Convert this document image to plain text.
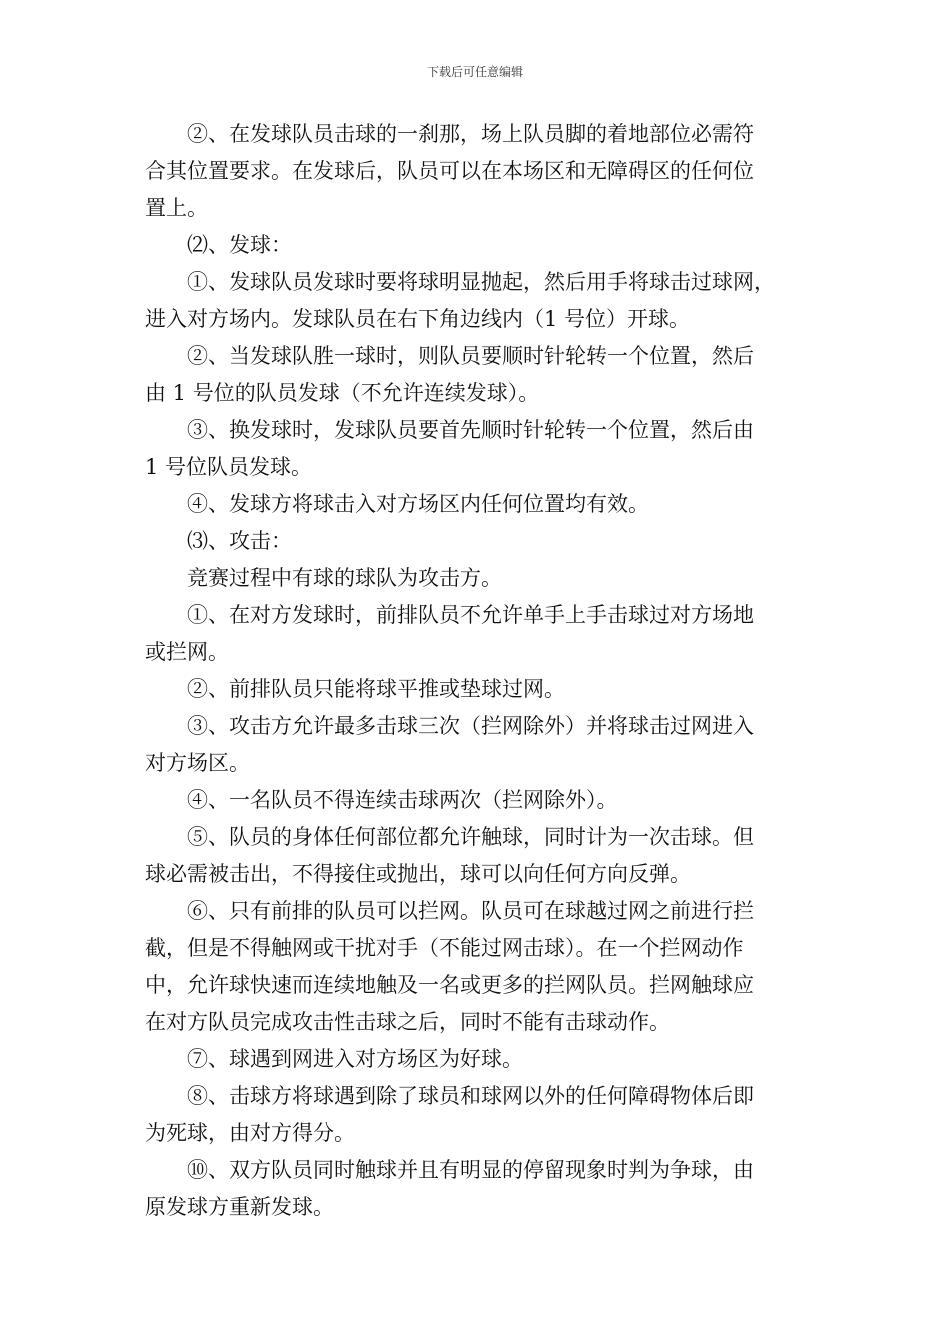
下载后可任意编辑

②、在发球队员击球的一刹那，场上队员脚的着地部位必需符
合其位置要求。在发球后，队员可以在本场区和无障碍区的任何位
置上。

⑵、发球：

①、发球队员发球时要将球明显抛起，然后用手将球击过球网，
进入对方场内。发球队员在右下角边线内（1 号位）开球。

②、当发球队胜一球时，则队员要顺时针轮转一个位置，然后
由 1 号位的队员发球（不允许连续发球）。

③、换发球时，发球队员要首先顺时针轮转一个位置，然后由
1 号位队员发球。

④、发球方将球击入对方场区内任何位置均有效。

⑶、攻击：

竞赛过程中有球的球队为攻击方。

①、在对方发球时，前排队员不允许单手上手击球过对方场地
或拦网。

②、前排队员只能将球平推或垫球过网。

③、攻击方允许最多击球三次（拦网除外）并将球击过网进入
对方场区。

④、一名队员不得连续击球两次（拦网除外）。

⑤、队员的身体任何部位都允许触球，同时计为一次击球。但
球必需被击出，不得接住或抛出，球可以向任何方向反弹。

⑥、只有前排的队员可以拦网。队员可在球越过网之前进行拦
截，但是不得触网或干扰对手（不能过网击球）。在一个拦网动作
中，允许球快速而连续地触及一名或更多的拦网队员。拦网触球应
在对方队员完成攻击性击球之后，同时不能有击球动作。

⑦、球遇到网进入对方场区为好球。

⑧、击球方将球遇到除了球员和球网以外的任何障碍物体后即
为死球，由对方得分。

⑩、双方队员同时触球并且有明显的停留现象时判为争球，由
原发球方重新发球。
